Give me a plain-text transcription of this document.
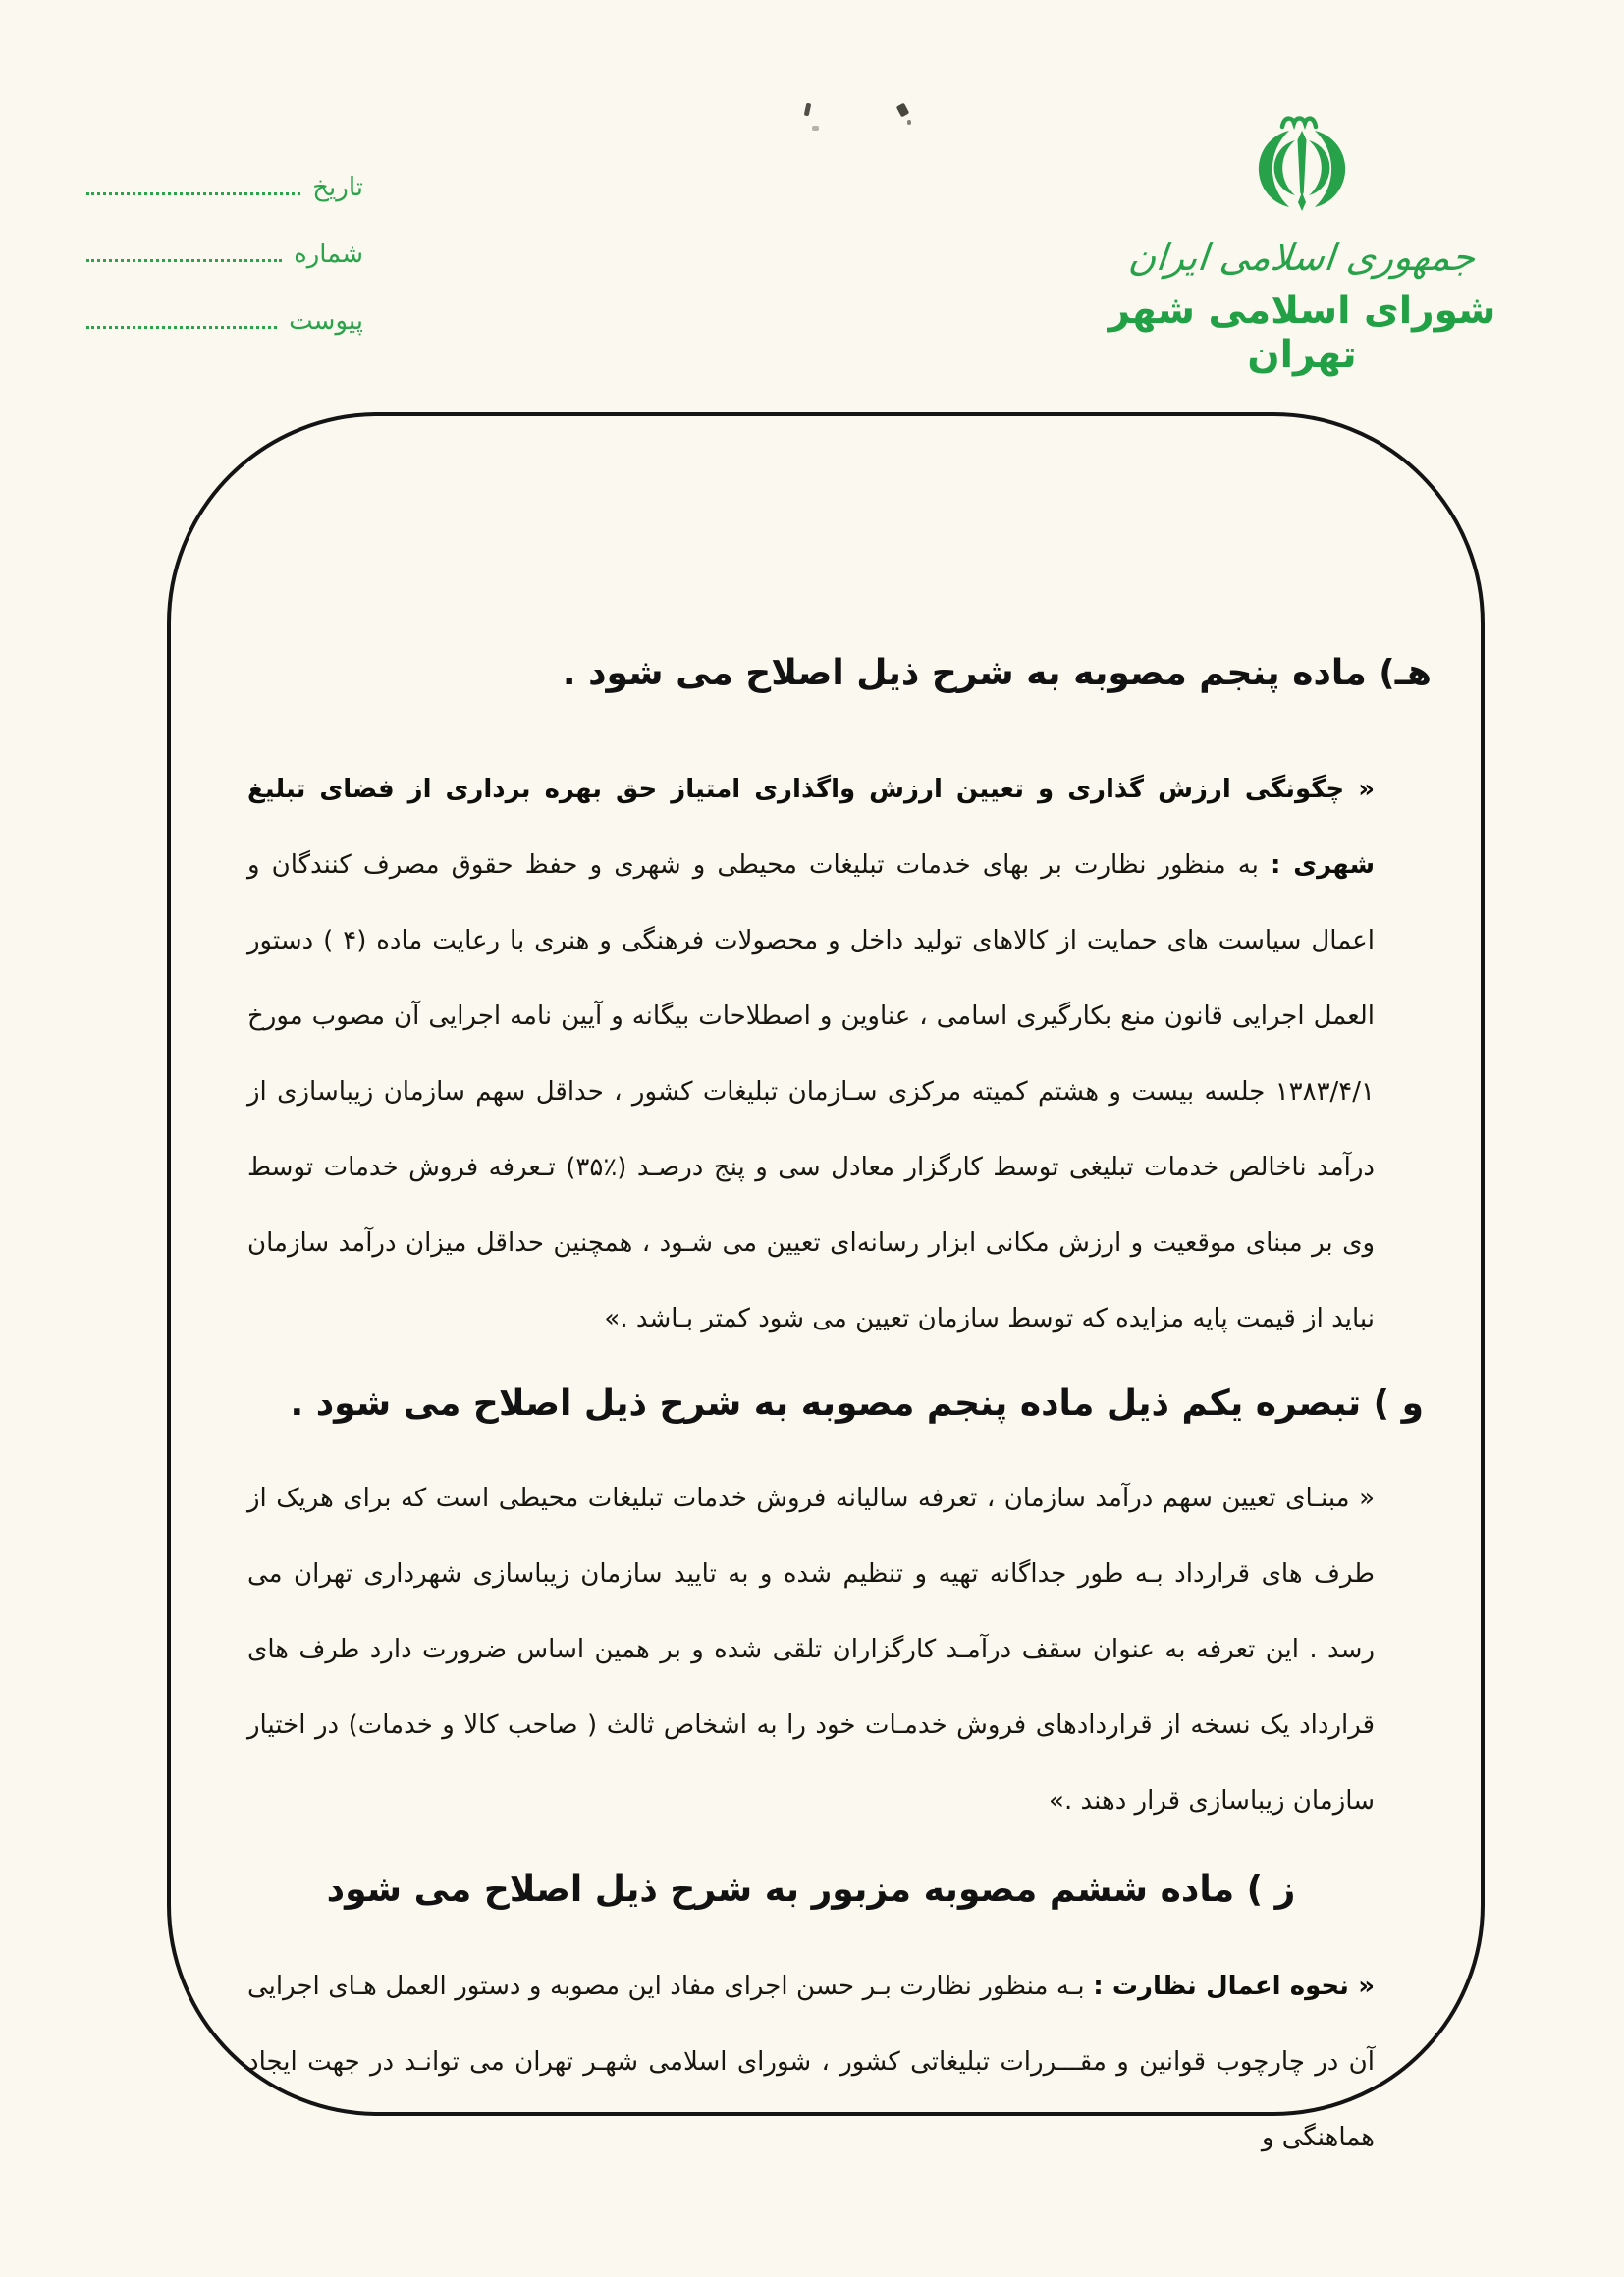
جمهوری اسلامی ایران
شورای اسلامی شهر تهران
تاریخ
شماره
پیوست
هـ) ماده پنجم مصوبه به شرح ذیل اصلاح می شود .

« چگونگی ارزش گذاری و تعیین ارزش واگذاری امتیاز حق بهره برداری از فضای تبلیغ شهری : به منظور نظارت بر بهای خدمات تبلیغات محیطی و شهری و حفظ حقوق مصرف کنندگان و اعمال سیاست های حمایت از کالاهای تولید داخل و محصولات فرهنگی و هنری با رعایت ماده (۴ ) دستور العمل اجرایی قانون منع بکارگیری اسامی ، عناوین و اصطلاحات بیگانه و آیین نامه اجرایی آن مصوب مورخ ۱۳۸۳/۴/۱ جلسه بیست و هشتم کمیته مرکزی سـازمان تبلیغات کشور ، حداقل سهم سازمان زیباسازی از درآمد ناخالص خدمات تبلیغی توسط کارگزار معادل سی و پنج درصـد (٪۳۵) تـعرفه فروش خدمات توسط وی بر مبنای موقعیت و ارزش مکانی ابزار رسانه‌ای تعیین می شـود ، همچنین حداقل میزان درآمد سازمان نباید از قیمت پایه مزایده که توسط سازمان تعیین می شود کمتر بـاشد .»

و ) تبصره یکم ذیل ماده پنجم مصوبه به شرح ذیل اصلاح می شود .

« مبنـای تعیین سهم درآمد سازمان ، تعرفه سالیانه فروش خدمات تبلیغات محیطی است که برای هریک از طرف های قرارداد بـه طور جداگانه تهیه و تنظیم شده و به تایید سازمان زیباسازی شهرداری تهران می رسد . این تعرفه به عنوان سقف درآمـد کارگزاران تلقی شده و بر همین اساس ضرورت دارد طرف های قرارداد یک نسخه از قراردادهای فروش خدمـات خود را به اشخاص ثالث ( صاحب کالا و خدمات) در اختیار سازمان زیباسازی قرار دهند .»

ز ) ماده ششم مصوبه مزبور به شرح ذیل اصلاح می شود

« نحوه اعمال نظارت : بـه منظور نظارت بـر حسن اجرای مفاد این مصوبه و دستور العمل هـای اجرایی آن در چارچوب قوانین و مقـــررات تبلیغاتی کشور ، شورای اسلامی شهـر تهران می توانـد در جهت ایجاد هماهنگی و
